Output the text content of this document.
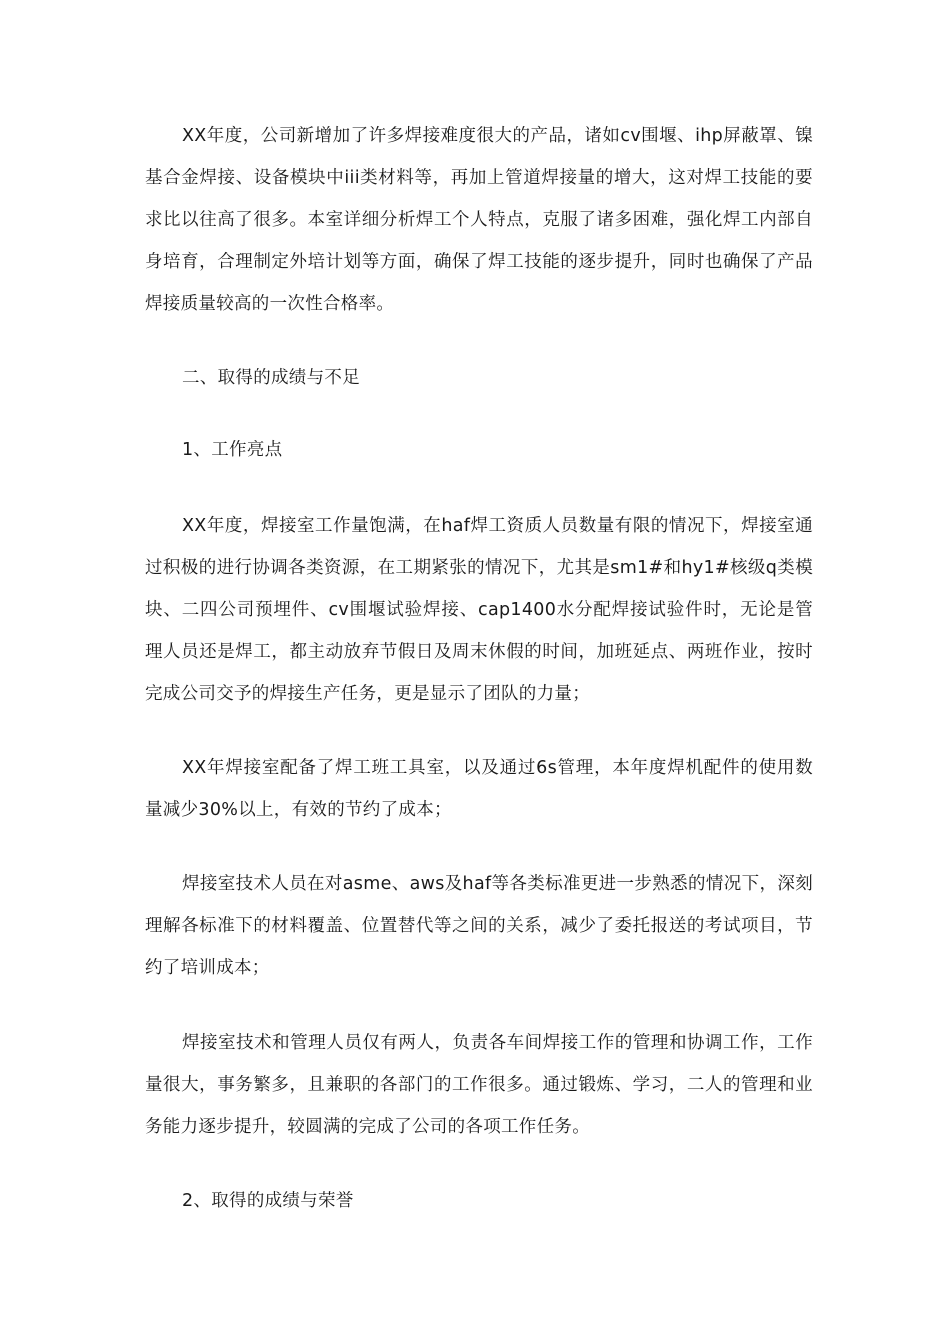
XX年度，公司新增加了许多焊接难度很大的产品，诸如cv围堰、ihp屏蔽罩、镍基合金焊接、设备模块中iii类材料等，再加上管道焊接量的增大，这对焊工技能的要求比以往高了很多。本室详细分析焊工个人特点，克服了诸多困难，强化焊工内部自身培育，合理制定外培计划等方面，确保了焊工技能的逐步提升，同时也确保了产品焊接质量较高的一次性合格率。

二、取得的成绩与不足

1、工作亮点

XX年度，焊接室工作量饱满，在haf焊工资质人员数量有限的情况下，焊接室通过积极的进行协调各类资源，在工期紧张的情况下，尤其是sm1#和hy1#核级q类模块、二四公司预埋件、cv围堰试验焊接、cap1400水分配焊接试验件时，无论是管理人员还是焊工，都主动放弃节假日及周末休假的时间，加班延点、两班作业，按时完成公司交予的焊接生产任务，更是显示了团队的力量；

XX年焊接室配备了焊工班工具室，以及通过6s管理，本年度焊机配件的使用数量减少30%以上，有效的节约了成本；

焊接室技术人员在对asme、aws及haf等各类标准更进一步熟悉的情况下，深刻理解各标准下的材料覆盖、位置替代等之间的关系，减少了委托报送的考试项目，节约了培训成本；

焊接室技术和管理人员仅有两人，负责各车间焊接工作的管理和协调工作，工作量很大，事务繁多，且兼职的各部门的工作很多。通过锻炼、学习，二人的管理和业务能力逐步提升，较圆满的完成了公司的各项工作任务。

2、取得的成绩与荣誉
